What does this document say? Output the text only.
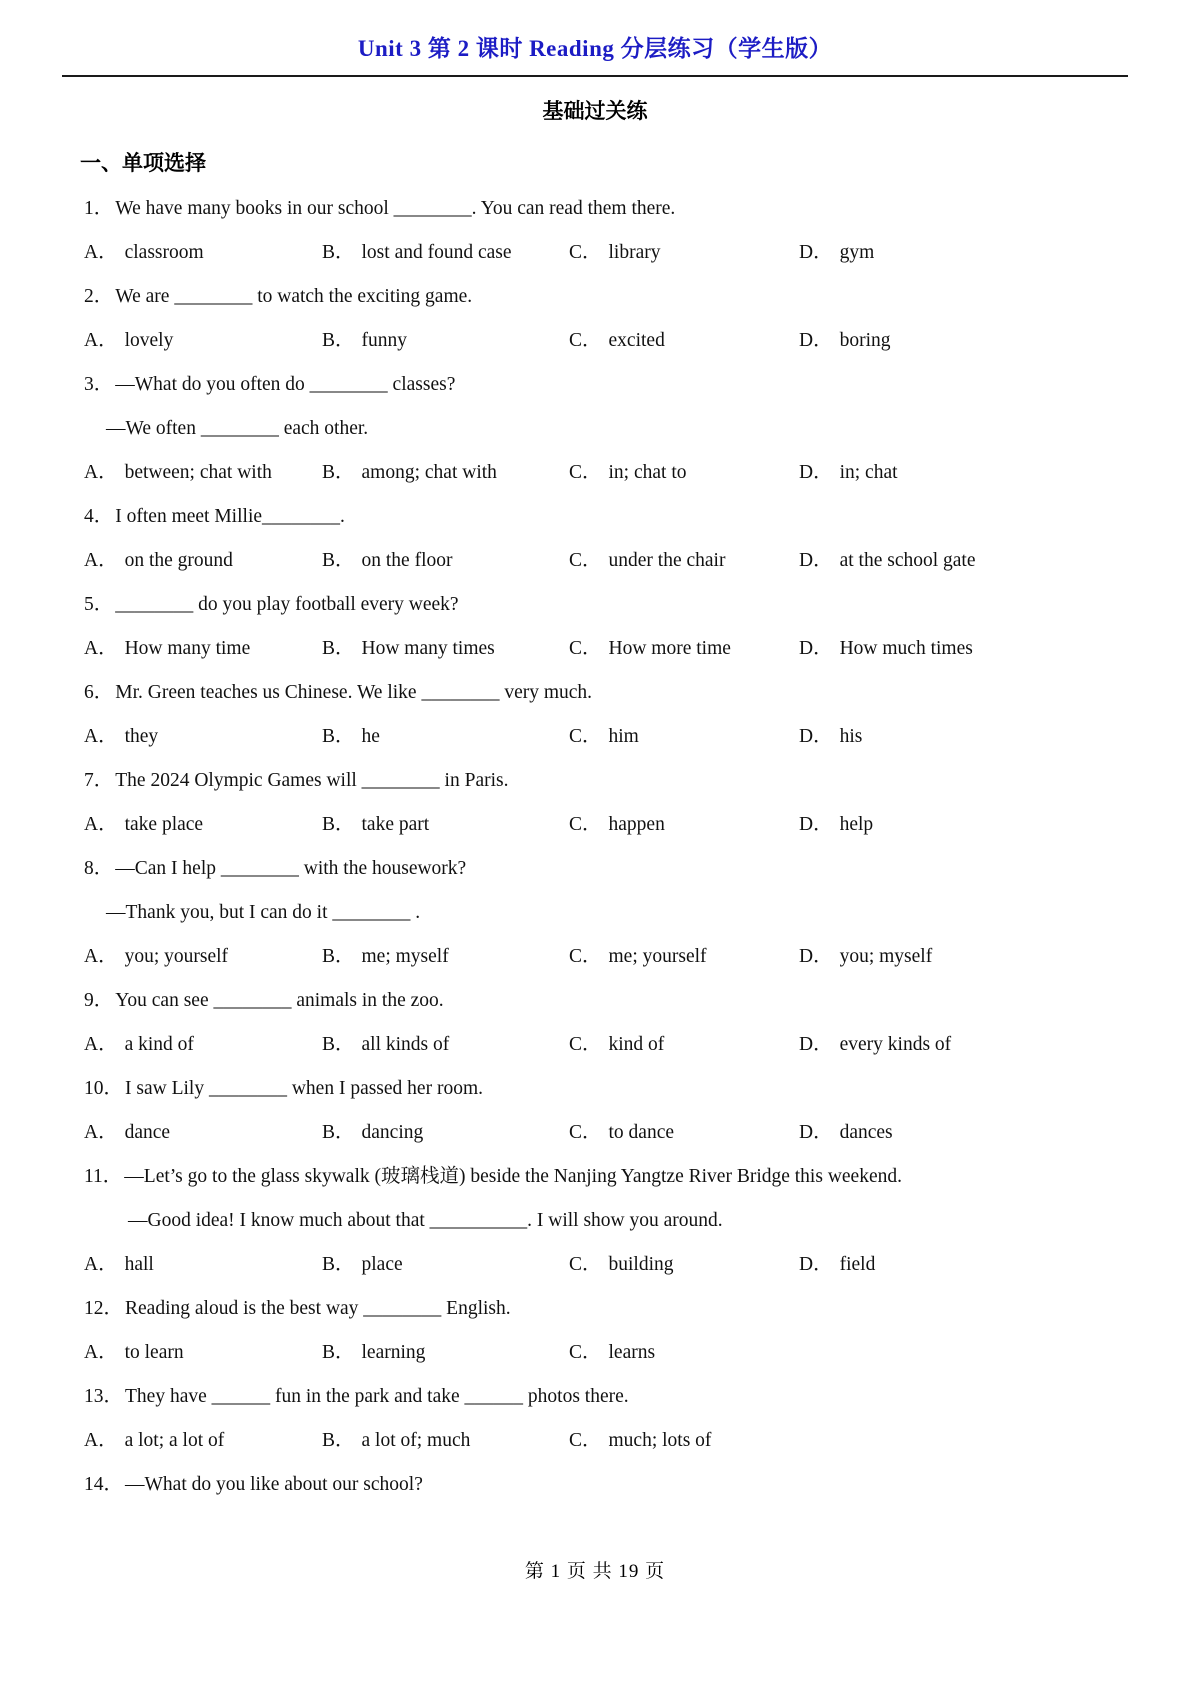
Unit 3 第 2 课时 Reading 分层练习（学生版）
基础过关练
一、单项选择
1． We have many books in our school ________. You can read them there.
A． classroom	B． lost and found case	C． library	D． gym
2． We are ________ to watch the exciting game.
A． lovely	B． funny	C． excited	D． boring
3． —What do you often do ________ classes?
—We often ________ each other.
A． between; chat with	B． among; chat with	C． in; chat to	D． in; chat
4． I often meet Millie________.
A． on the ground	B． on the floor	C． under the chair	D． at the school gate
5． ________ do you play football every week?
A． How many time	B． How many times	C． How more time	D． How much times
6． Mr. Green teaches us Chinese. We like ________ very much.
A． they	B． he	C． him	D． his
7． The 2024 Olympic Games will ________ in Paris.
A． take place	B． take part	C． happen	D． help
8． —Can I help ________ with the housework?
—Thank you, but I can do it ________ .
A． you; yourself	B． me; myself	C． me; yourself	D． you; myself
9． You can see ________ animals in the zoo.
A． a kind of	B． all kinds of	C． kind of	D． every kinds of
10． I saw Lily ________ when I passed her room.
A． dance	B． dancing	C． to dance	D． dances
11． —Let’s go to the glass skywalk (玻璃栈道) beside the Nanjing Yangtze River Bridge this weekend.
—Good idea! I know much about that __________. I will show you around.
A． hall	B． place	C． building	D． field
12． Reading aloud is the best way ________ English.
A． to learn	B． learning	C． learns
13． They have ______ fun in the park and take ______ photos there.
A． a lot; a lot of	B． a lot of; much	C． much; lots of
14． —What do you like about our school?
第 1 页 共 19 页
